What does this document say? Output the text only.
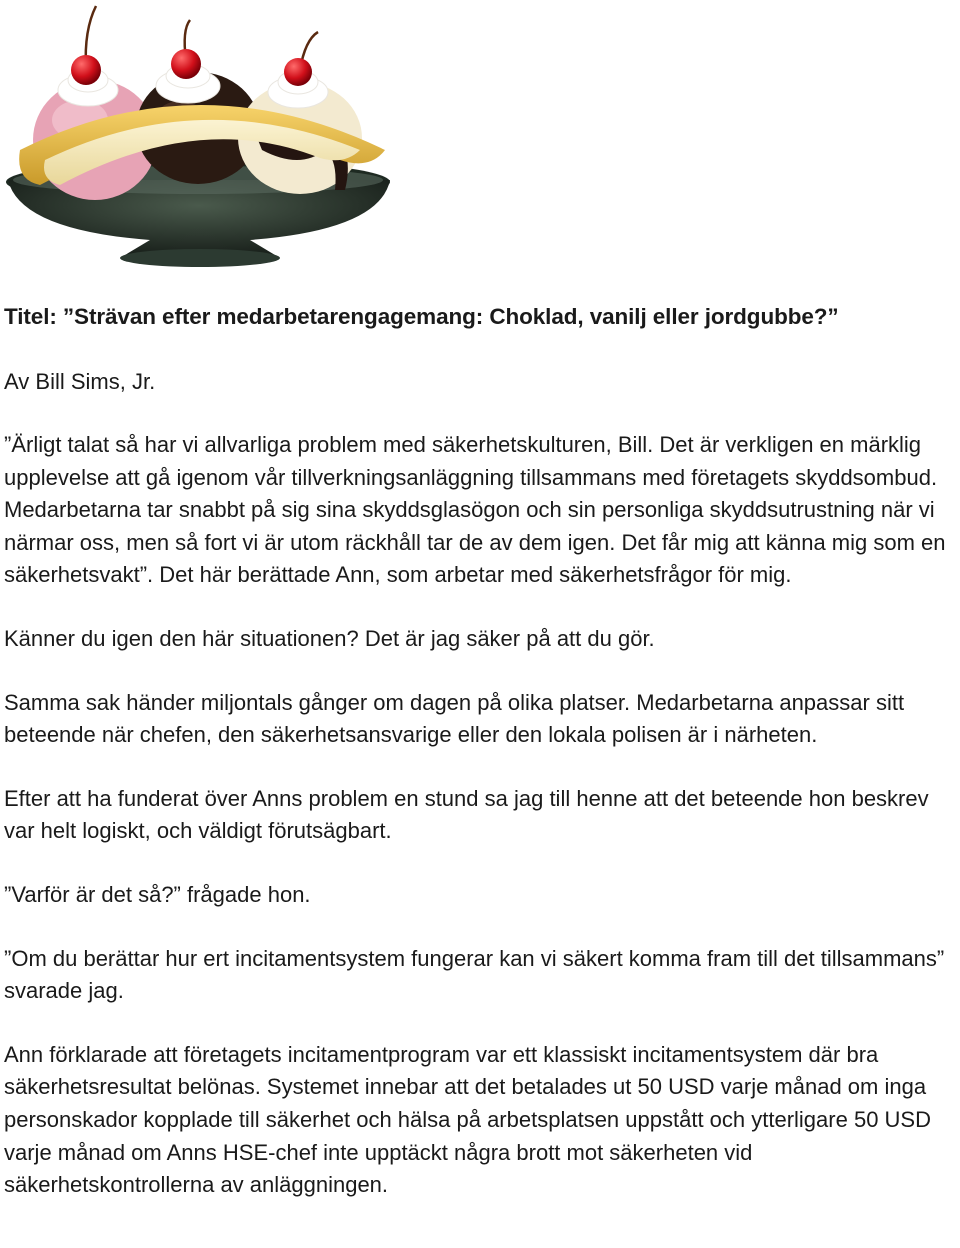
Titel: ”Strävan efter medarbetarengagemang: Choklad, vanilj eller jordgubbe?”
Av Bill Sims, Jr.

”Ärligt talat så har vi allvarliga problem med säkerhetskulturen, Bill. Det är verkligen en märklig upplevelse att gå igenom vår tillverkningsanläggning tillsammans med företagets skyddsombud. Medarbetarna tar snabbt på sig sina skyddsglasögon och sin personliga skyddsutrustning när vi närmar oss, men så fort vi är utom räckhåll tar de av dem igen. Det får mig att känna mig som en säkerhetsvakt”. Det här berättade Ann, som arbetar med säkerhetsfrågor för mig.

Känner du igen den här situationen? Det är jag säker på att du gör.

Samma sak händer miljontals gånger om dagen på olika platser. Medarbetarna anpassar sitt beteende när chefen, den säkerhetsansvarige eller den lokala polisen är i närheten.

Efter att ha funderat över Anns problem en stund sa jag till henne att det beteende hon beskrev var helt logiskt, och väldigt förutsägbart.

”Varför är det så?” frågade hon.

”Om du berättar hur ert incitamentsystem fungerar kan vi säkert komma fram till det tillsammans” svarade jag.

Ann förklarade att företagets incitamentprogram var ett klassiskt incitamentsystem där bra säkerhetsresultat belönas. Systemet innebar att det betalades ut 50 USD varje månad om inga personskador kopplade till säkerhet och hälsa på arbetsplatsen uppstått och ytterligare 50 USD varje månad om Anns HSE-chef inte upptäckt några brott mot säkerheten vid säkerhetskontrollerna av anläggningen.
